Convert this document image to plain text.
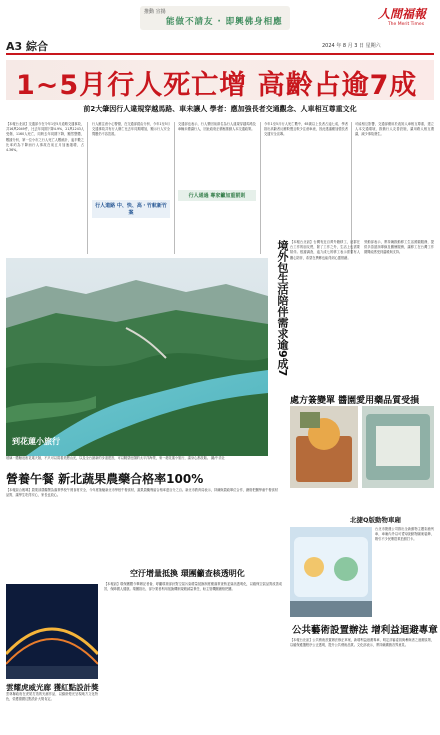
推動 宣揚
能做不請友 · 即興佛身相應
人間福報
The Merit Times
A3 綜合	2024 年 8 月 3 日 星期六
1~5月行人死亡增 高齡占逾7成
前2大肇因行人違規穿越馬路、車未讓人 學者：應加強長者交通觀念、人車相互尊重文化
【本報台北訊】交通部今在今年1至5月道路交通事故，共16萬2049件，比去年同期下降4.9%，21萬1243人受傷，1160人死亡，同較去年同期下降，顯然整體，數據分析，第一位小市之行人死亡人數統計，逾半數之比率約為下降而行人事故在前五月加速趨增，占4.36%。
行人應注意小心警覺，在交通部經由分析，今年1至5月交通事故共有行人傷亡比去年同期增加，顯示行人安全問題仍不容忽視。
行人道路 中、快、高・竹航新竹案
交通部也表示，行人肇因前兩名為行人違規穿越馬路及車輛未禮讓行人，因此政府正積極推動人本交通政策。
行人通過 專家籲加重罰則
今年1至5月行人死亡數中，65歲以上長者占逾七成，學者指出高齡者反應較慢且較少注意車流，因此建議應加強長者交通安全宣導。
可能相互影響，交通部應用於改知人車相互尊重，建立人本交通環境，推動行人友善設施，讓用路人相互禮讓，減少事故發生。
到花蓮小旅行
玻璃・體驗這座花蓮天險，不只可以賞看美麗山光，以及全台最新的步道建設，可以眺望壯闊的太平洋海景，來一趟花蓮小旅行，讓身心都放鬆。 圖/中央社
境外包生活陪伴需求逾9成7 【本報台北訊】台灣有近百萬外籍移工，這群在台工作的朋友們，除了工作之外，生活上也需要陪伴。根據調查，逾九成七的移工表示需要有人關心陪伴，希望在異鄉也能得到心靈慰藉。
勞動部表示，將持續推動移工生活照顧服務，提供多語諮詢專線及關懷服務，讓移工在台灣工作期間能感受到溫暖與支持。
處方簽變單 醬園愛用藥品質受損
營養午餐 新北蔬果農藥合格率100%
【本報綜合報導】農業部農糧署為落實學校午餐食材安全，今年度抽驗新北市學校午餐食材，蔬果農藥殘留合格率達百分之百。新北市教育局表示，持續與農政單位合作，嚴格把關學童午餐食材品質，讓學生吃得安心，家長也放心。
北捷Q版動物車廂
台北市捷運公司推出全新動物主題彩繪列車，車廂內外以可愛Q版動物圖案裝飾，吸引不少民眾搭乘拍照打卡。
雲耀虎威光廊 獲紅點設計獎
雲林縣政府在虎尾打造的光廊作品，以繽紛燈光呈現地方文化特色，榮獲德國紅點設計大獎肯定。
空汙增量抵換 環團籲查核透明化
【本報訊】環保團體今舉辦記者會，呼籲環境部針對空氣污染增量抵換制度應落實查核並資訊透明化，以確保空氣品質改善成效，保障國人健康。環團指出，部分業者利用抵換機制規避減量責任，盼主管機關嚴格把關。
公共藝術設置辦法 增利益迴避專章
【本報台北訊】公共藝術設置辦法修正草案，新增利益迴避專章，明定評審委員與參與者之迴避原則，以確保遴選程序公正透明，提升公共藝術品質。文化部表示，將持續廣納各界意見。
